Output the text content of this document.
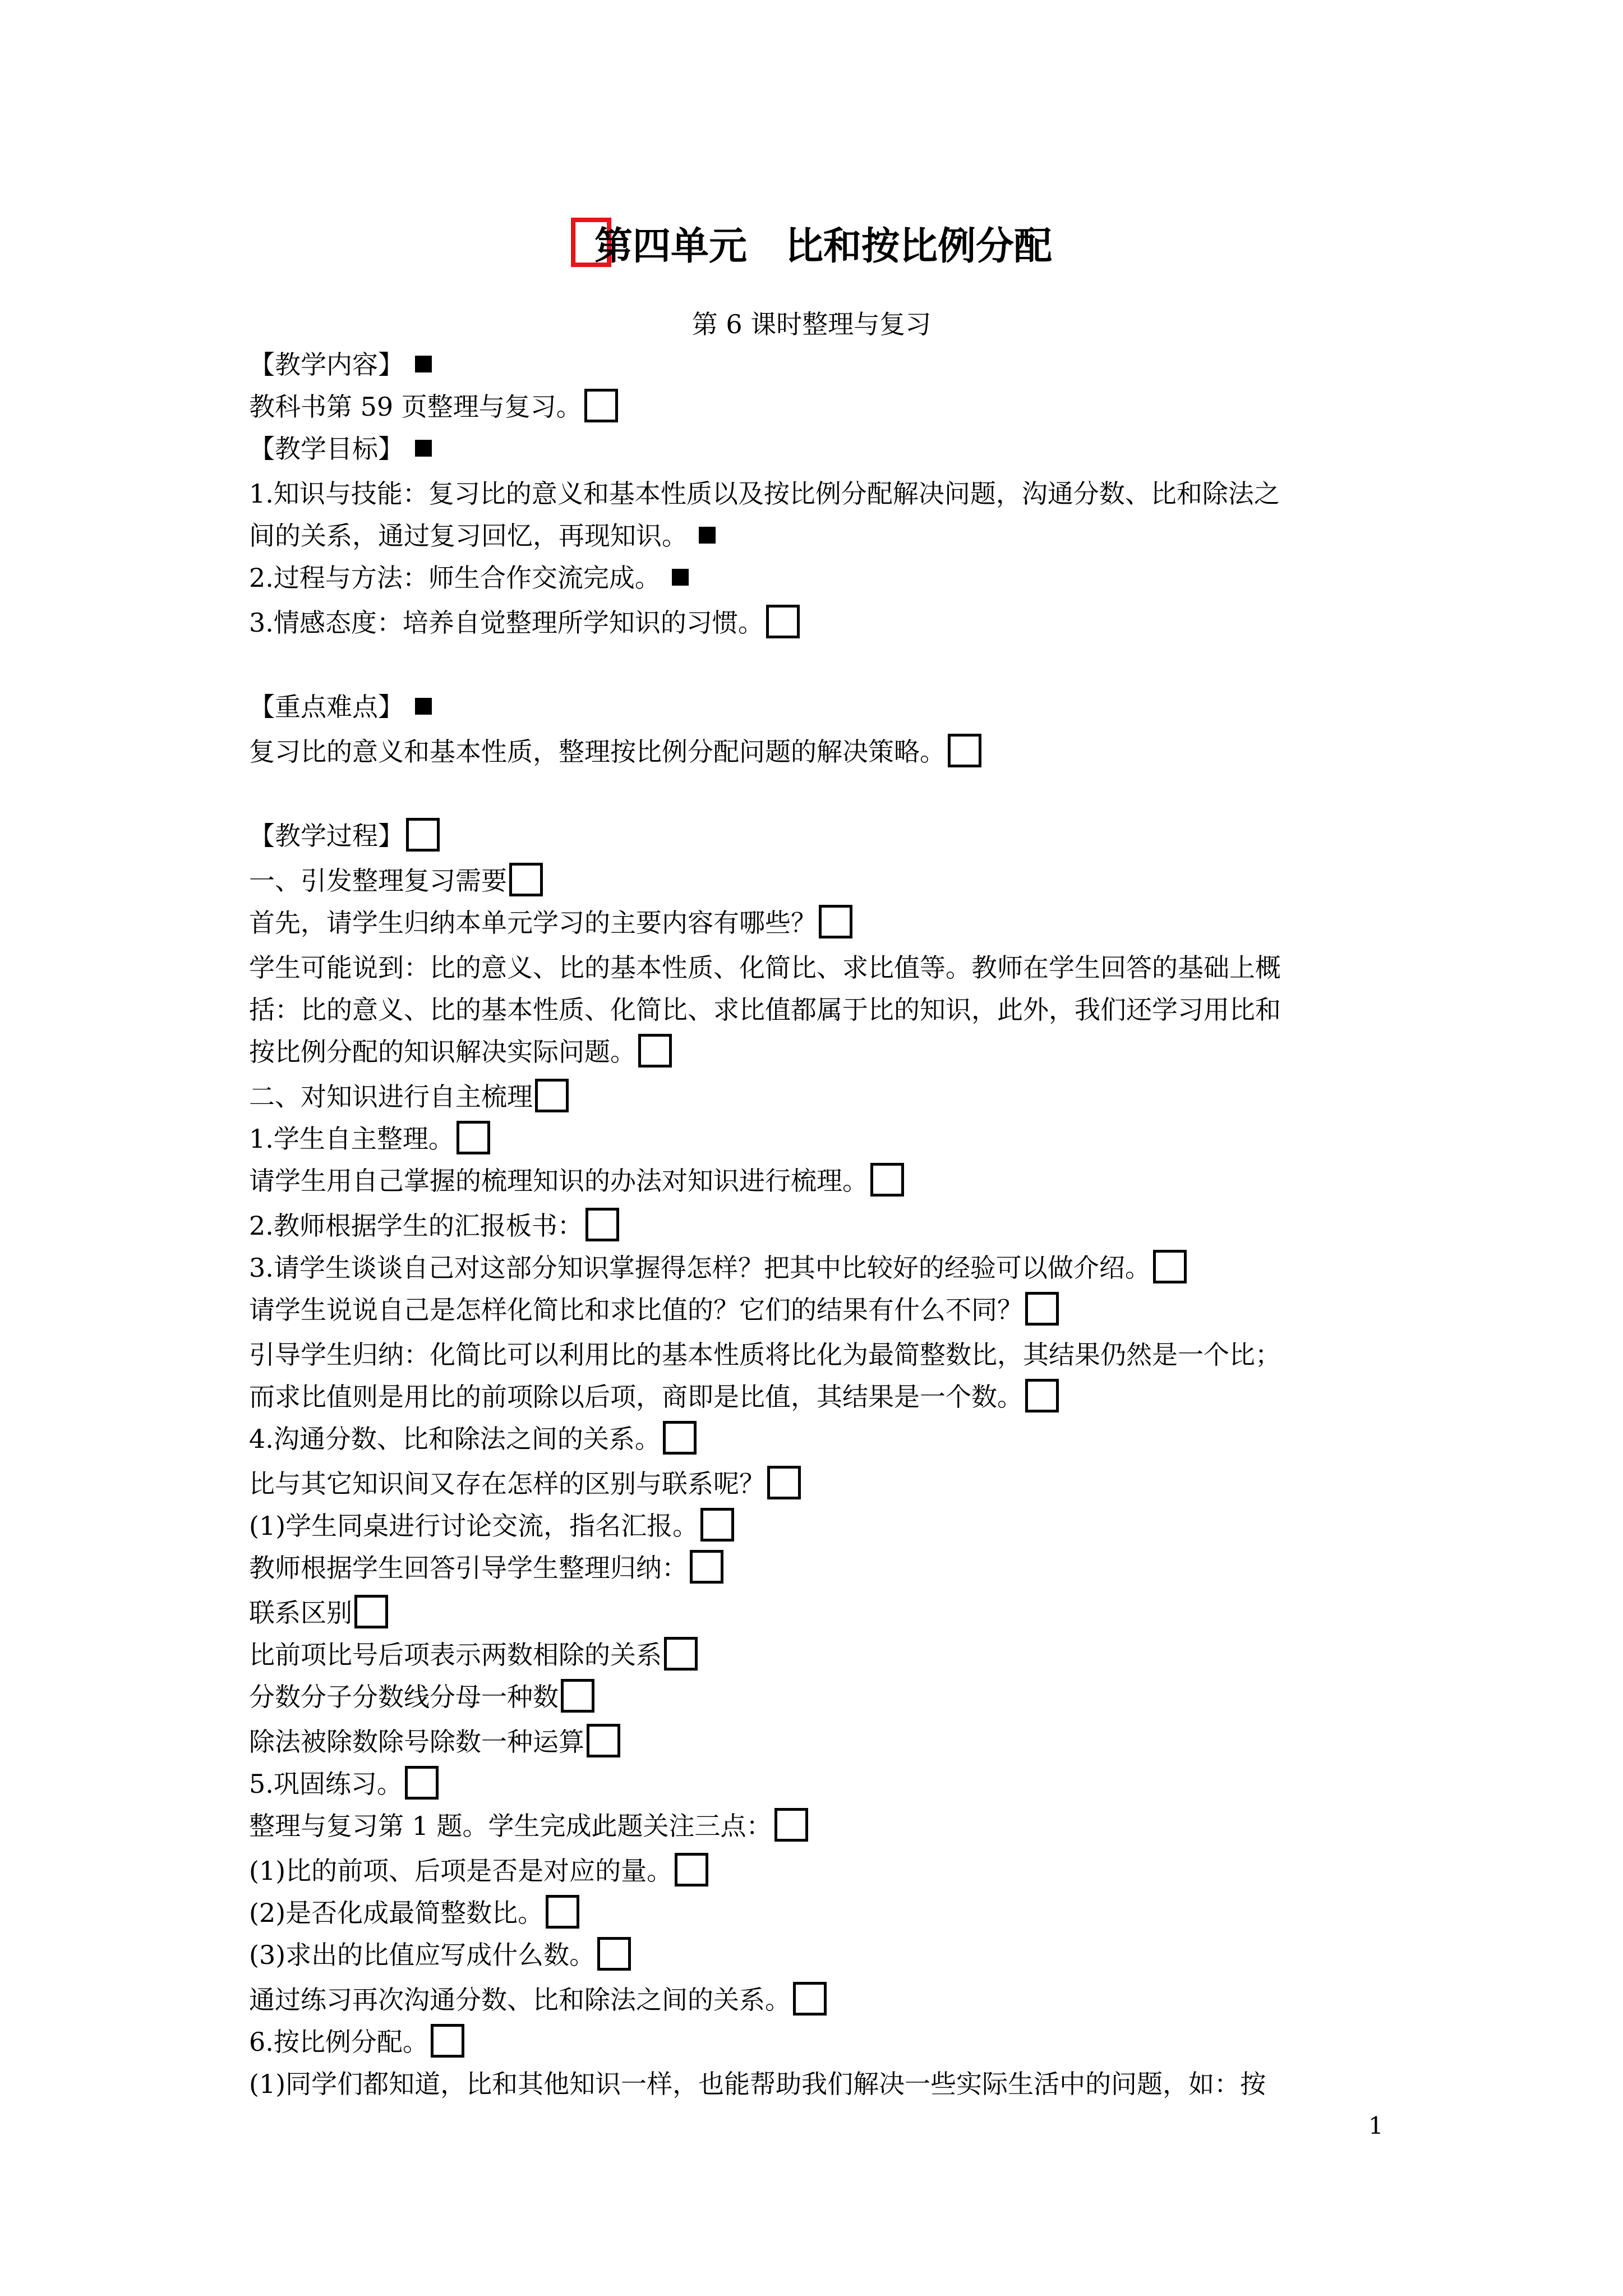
第四单元　比和按比例分配
第 6 课时整理与复习
【教学内容】
教科书第 59 页整理与复习。
【教学目标】
1.知识与技能：复习比的意义和基本性质以及按比例分配解决问题，沟通分数、比和除法之
间的关系，通过复习回忆，再现知识。
2.过程与方法：师生合作交流完成。
3.情感态度：培养自觉整理所学知识的习惯。
【重点难点】
复习比的意义和基本性质，整理按比例分配问题的解决策略。
【教学过程】
一、引发整理复习需要
首先，请学生归纳本单元学习的主要内容有哪些？
学生可能说到：比的意义、比的基本性质、化简比、求比值等。教师在学生回答的基础上概
括：比的意义、比的基本性质、化简比、求比值都属于比的知识，此外，我们还学习用比和
按比例分配的知识解决实际问题。
二、对知识进行自主梳理
1.学生自主整理。
请学生用自己掌握的梳理知识的办法对知识进行梳理。
2.教师根据学生的汇报板书：
3.请学生谈谈自己对这部分知识掌握得怎样？把其中比较好的经验可以做介绍。
请学生说说自己是怎样化简比和求比值的？它们的结果有什么不同？
引导学生归纳：化简比可以利用比的基本性质将比化为最简整数比，其结果仍然是一个比；
而求比值则是用比的前项除以后项，商即是比值，其结果是一个数。
4.沟通分数、比和除法之间的关系。
比与其它知识间又存在怎样的区别与联系呢？
(1)学生同桌进行讨论交流，指名汇报。
教师根据学生回答引导学生整理归纳：
联系区别
比前项比号后项表示两数相除的关系
分数分子分数线分母一种数
除法被除数除号除数一种运算
5.巩固练习。
整理与复习第 1 题。学生完成此题关注三点：
(1)比的前项、后项是否是对应的量。
(2)是否化成最简整数比。
(3)求出的比值应写成什么数。
通过练习再次沟通分数、比和除法之间的关系。
6.按比例分配。
(1)同学们都知道，比和其他知识一样，也能帮助我们解决一些实际生活中的问题，如：按
1
